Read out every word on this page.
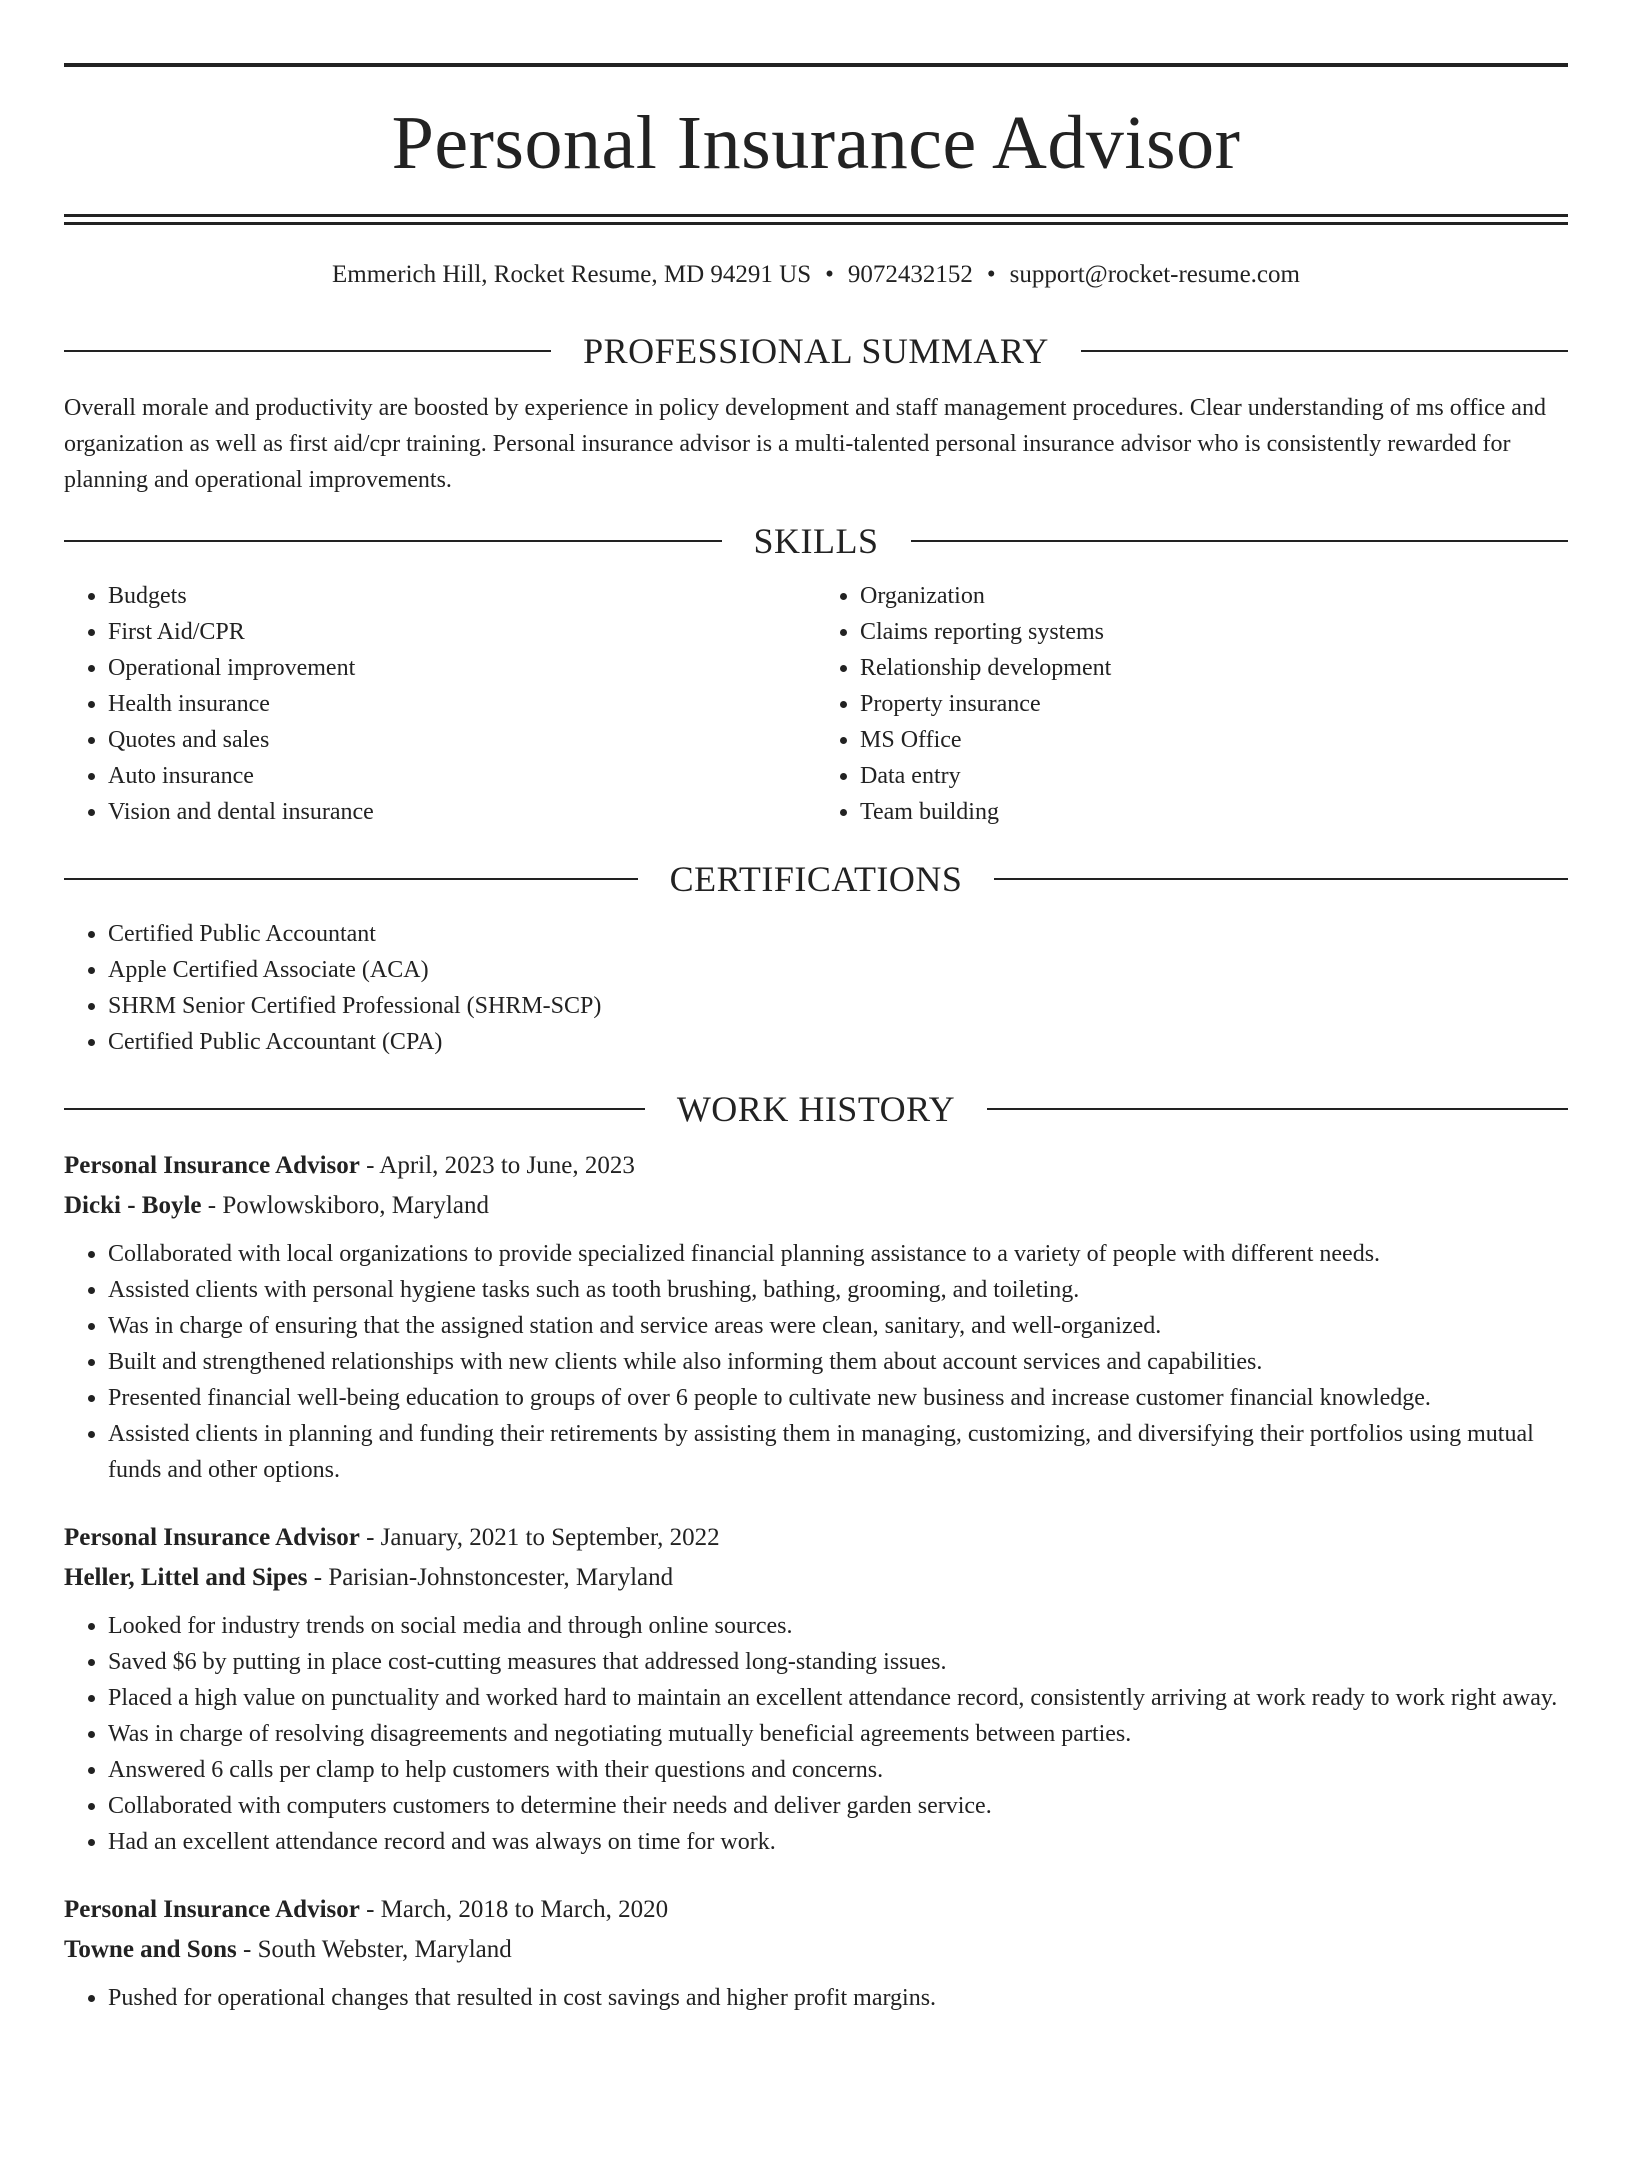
Personal Insurance Advisor
Emmerich Hill, Rocket Resume, MD 94291 US • 9072432152 • support@rocket-resume.com
PROFESSIONAL SUMMARY
Overall morale and productivity are boosted by experience in policy development and staff management procedures. Clear understanding of ms office and organization as well as first aid/cpr training. Personal insurance advisor is a multi-talented personal insurance advisor who is consistently rewarded for planning and operational improvements.
SKILLS
• Budgets
• First Aid/CPR
• Operational improvement
• Health insurance
• Quotes and sales
• Auto insurance
• Vision and dental insurance
• Organization
• Claims reporting systems
• Relationship development
• Property insurance
• MS Office
• Data entry
• Team building
CERTIFICATIONS
• Certified Public Accountant
• Apple Certified Associate (ACA)
• SHRM Senior Certified Professional (SHRM-SCP)
• Certified Public Accountant (CPA)
WORK HISTORY
Personal Insurance Advisor - April, 2023 to June, 2023
Dicki - Boyle - Powlowskiboro, Maryland
• Collaborated with local organizations to provide specialized financial planning assistance to a variety of people with different needs.
• Assisted clients with personal hygiene tasks such as tooth brushing, bathing, grooming, and toileting.
• Was in charge of ensuring that the assigned station and service areas were clean, sanitary, and well-organized.
• Built and strengthened relationships with new clients while also informing them about account services and capabilities.
• Presented financial well-being education to groups of over 6 people to cultivate new business and increase customer financial knowledge.
• Assisted clients in planning and funding their retirements by assisting them in managing, customizing, and diversifying their portfolios using mutual funds and other options.
Personal Insurance Advisor - January, 2021 to September, 2022
Heller, Littel and Sipes - Parisian-Johnstoncester, Maryland
• Looked for industry trends on social media and through online sources.
• Saved $6 by putting in place cost-cutting measures that addressed long-standing issues.
• Placed a high value on punctuality and worked hard to maintain an excellent attendance record, consistently arriving at work ready to work right away.
• Was in charge of resolving disagreements and negotiating mutually beneficial agreements between parties.
• Answered 6 calls per clamp to help customers with their questions and concerns.
• Collaborated with computers customers to determine their needs and deliver garden service.
• Had an excellent attendance record and was always on time for work.
Personal Insurance Advisor - March, 2018 to March, 2020
Towne and Sons - South Webster, Maryland
• Pushed for operational changes that resulted in cost savings and higher profit margins.
